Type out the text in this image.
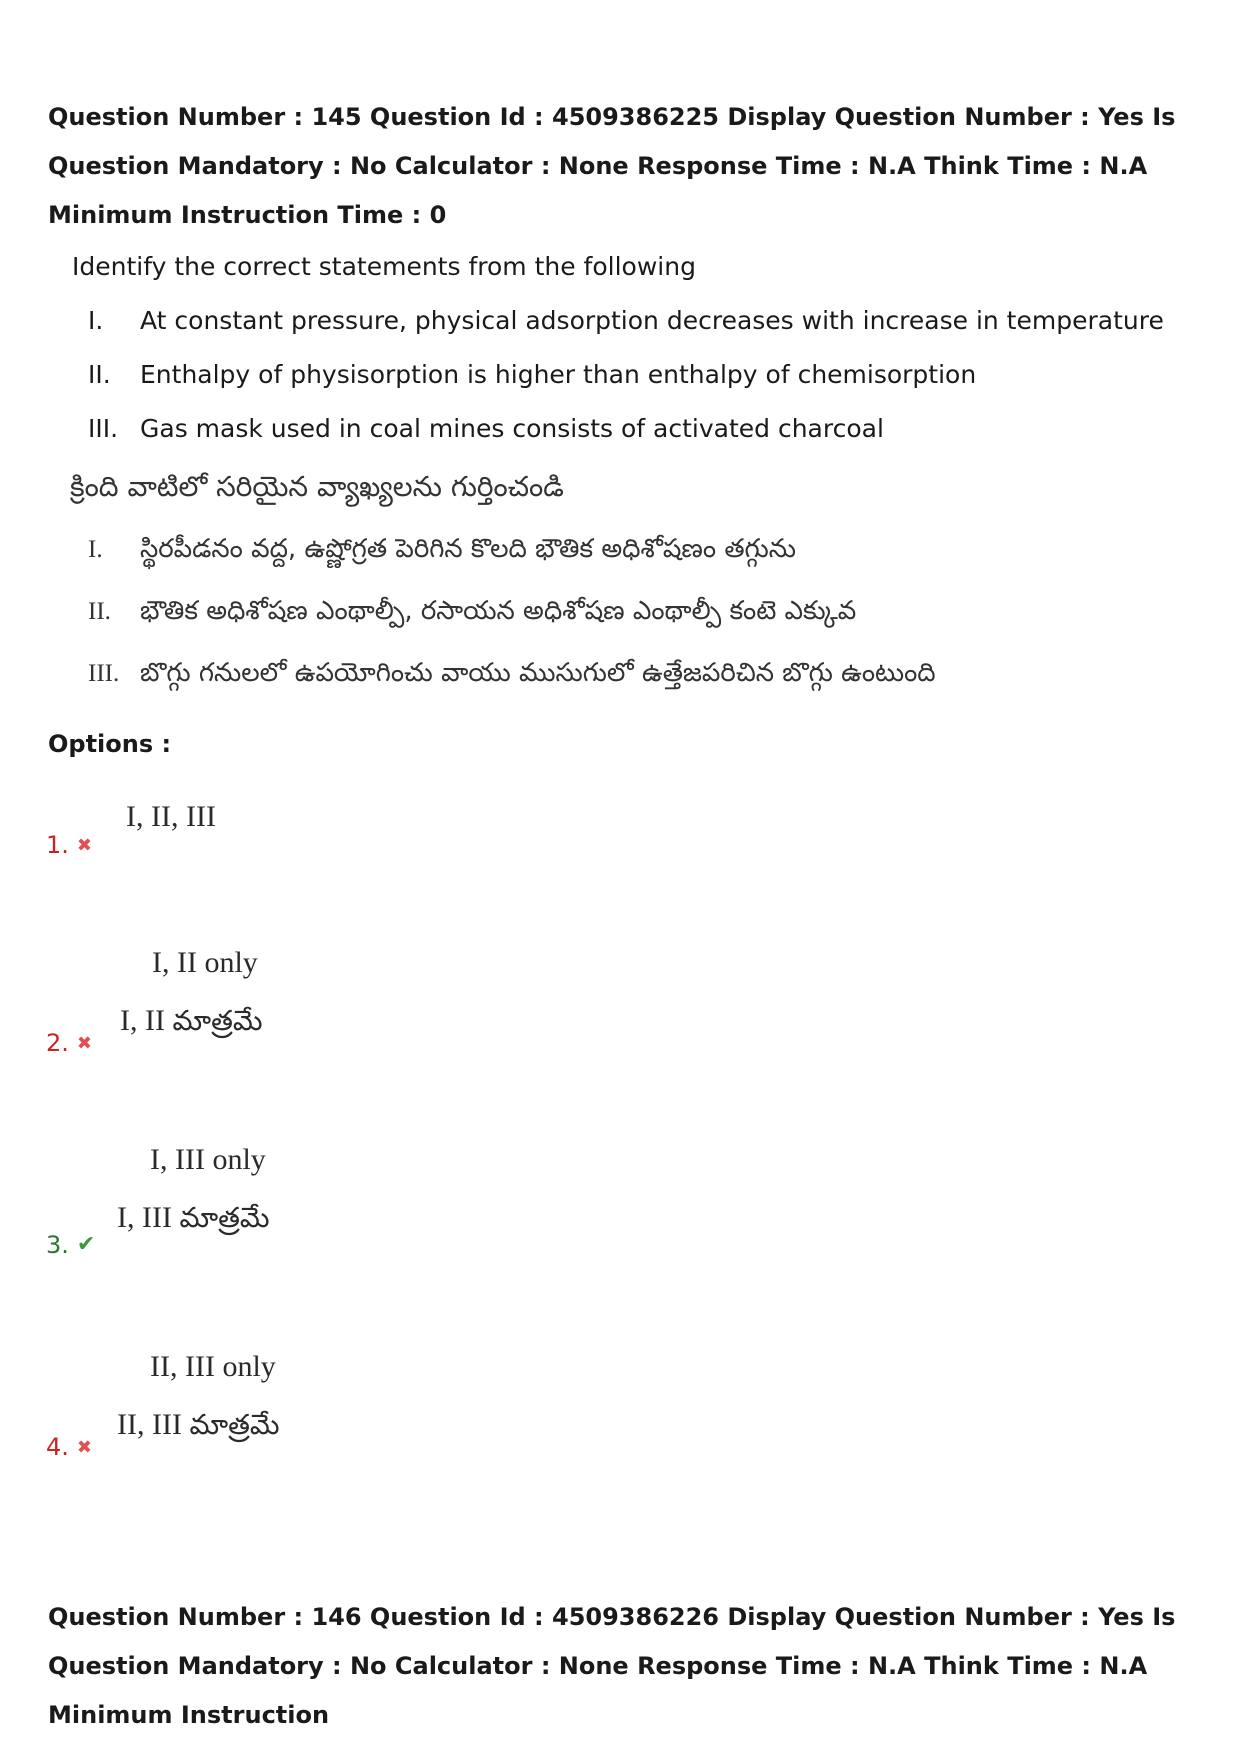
Question Number : 145 Question Id : 4509386225 Display Question Number : Yes Is Question Mandatory : No Calculator : None Response Time : N.A Think Time : N.A Minimum Instruction Time : 0
Identify the correct statements from the following
I. At constant pressure, physical adsorption decreases with increase in temperature
II. Enthalpy of physisorption is higher than enthalpy of chemisorption
III. Gas mask used in coal mines consists of activated charcoal
క్రింది వాటిలో సరియైన వ్యాఖ్యలను గుర్తించండి
I. స్థిరపీడనం వద్ద, ఉష్ణోగ్రత పెరిగిన కొలది భౌతిక అధిశోషణం తగ్గును
II. భౌతిక అధిశోషణ ఎంథాల్పీ, రసాయన అధిశోషణ ఎంథాల్పీ కంటె ఎక్కువ
III. బొగ్గు గనులలో ఉపయోగించు వాయు ముసుగులో ఉత్తేజపరిచిన బొగ్గు ఉంటుంది
Options :
I, II, III
1. ✖
I, II only
I, II మాత్రమే
2. ✖
I, III only
I, III మాత్రమే
3. ✔
II, III only
II, III మాత్రమే
4. ✖
Question Number : 146 Question Id : 4509386226 Display Question Number : Yes Is Question Mandatory : No Calculator : None Response Time : N.A Think Time : N.A Minimum Instruction
